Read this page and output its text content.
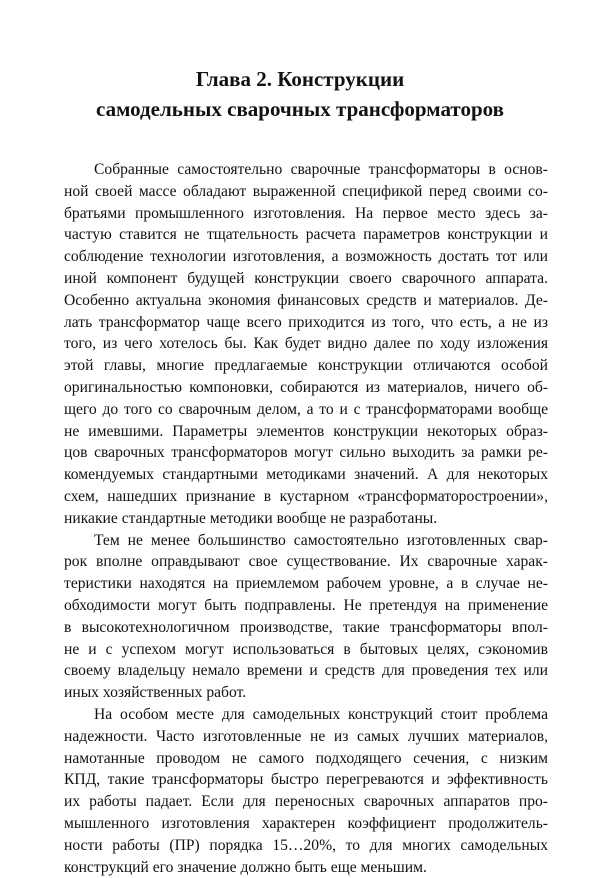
Глава 2. Конструкции
самодельных сварочных трансформаторов
Собранные самостоятельно сварочные трансформаторы в основ-
ной своей массе обладают выраженной спецификой перед своими со-
братьями промышленного изготовления. На первое место здесь за-
частую ставится не тщательность расчета параметров конструкции и
соблюдение технологии изготовления, а возможность достать тот или
иной компонент будущей конструкции своего сварочного аппарата.
Особенно актуальна экономия финансовых средств и материалов. Де-
лать трансформатор чаще всего приходится из того, что есть, а не из
того, из чего хотелось бы. Как будет видно далее по ходу изложения
этой главы, многие предлагаемые конструкции отличаются особой
оригинальностью компоновки, собираются из материалов, ничего об-
щего до того со сварочным делом, а то и с трансформаторами вообще
не имевшими. Параметры элементов конструкции некоторых образ-
цов сварочных трансформаторов могут сильно выходить за рамки ре-
комендуемых стандартными методиками значений. А для некоторых
схем, нашедших признание в кустарном «трансформаторостроении»,
никакие стандартные методики вообще не разработаны.
Тем не менее большинство самостоятельно изготовленных свар-
рок вполне оправдывают свое существование. Их сварочные харак-
теристики находятся на приемлемом рабочем уровне, а в случае не-
обходимости могут быть подправлены. Не претендуя на применение
в высокотехнологичном производстве, такие трансформаторы впол-
не и с успехом могут использоваться в бытовых целях, сэкономив
своему владельцу немало времени и средств для проведения тех или
иных хозяйственных работ.
На особом месте для самодельных конструкций стоит проблема
надежности. Часто изготовленные не из самых лучших материалов,
намотанные проводом не самого подходящего сечения, с низким
КПД, такие трансформаторы быстро перегреваются и эффективность
их работы падает. Если для переносных сварочных аппаратов про-
мышленного изготовления характерен коэффициент продолжитель-
ности работы (ПР) порядка 15…20%, то для многих самодельных
конструкций его значение должно быть еще меньшим.
